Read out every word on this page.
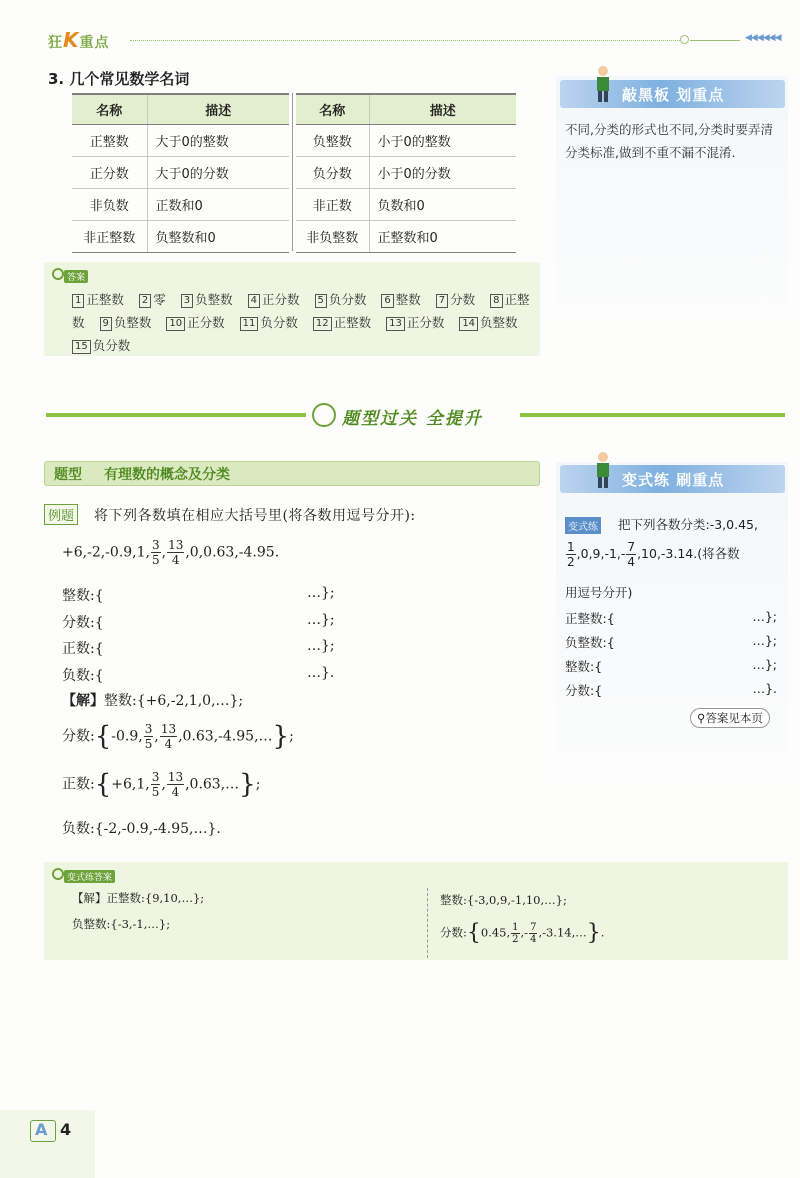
狂K重点	◀◀◀◀◀◀
3. 几个常见数学名词
名称	描述
正整数	大于0的整数
正分数	大于0的分数
非负数	正数和0
非正整数	负整数和0
名称	描述
负整数	小于0的整数
负分数	小于0的分数
非正数	负数和0
非负整数	正整数和0
答案
1 正整数 2 零 3 负整数 4 正分数 5 负分数 6 整数 7 分数 8 正整数 9 负整数 10 正分数 11 负分数 12 正整数 13 正分数 14 负整数 15 负分数
敲黑板 划重点
不同,分类的形式也不同,分类时要弄清分类标准,做到不重不漏不混淆.
题型过关 全提升
题型 有理数的概念及分类
例题 将下列各数填在相应大括号里(将各数用逗号分开):
+6,-2,-0.9,1, $\frac{3}{5}$ , $\frac{13}{4} ,0,0.63,-4.95$.
整数:{	…};
分数:{	…};
正数:{	…};
负数:{	…}.
【解】整数:{+6,-2,1,0,…};
分数:{-0.9, $\frac{3}{5}$ , $\frac{13}{4}$ ,0.63,-4.95,…};
正数:{+6,1, $\frac{3}{5}$ , $\frac{13}{4}$ ,0.63,…};
负数:{-2,-0.9,-4.95,…}.
变式练 刷重点
变式练 把下列各数分类:-3,0.45,
$\frac{1}{2} ,0,9,-1,- \frac{7}{4} ,10,-3.14$.(将各数
用逗号分开)
正整数:{	…};
负整数:{	…};
整数:{	…};
分数:{	…}.
⚲答案见本页
变式练答案
【解】正整数:{9,10,…};
负整数:{-3,-1,…};
整数:{-3,0,9,-1,10,…};
分数:{0.45, $\frac{1}{2}$ ,- $\frac{7}{4}$ ,-3.14,…}.
A 4
